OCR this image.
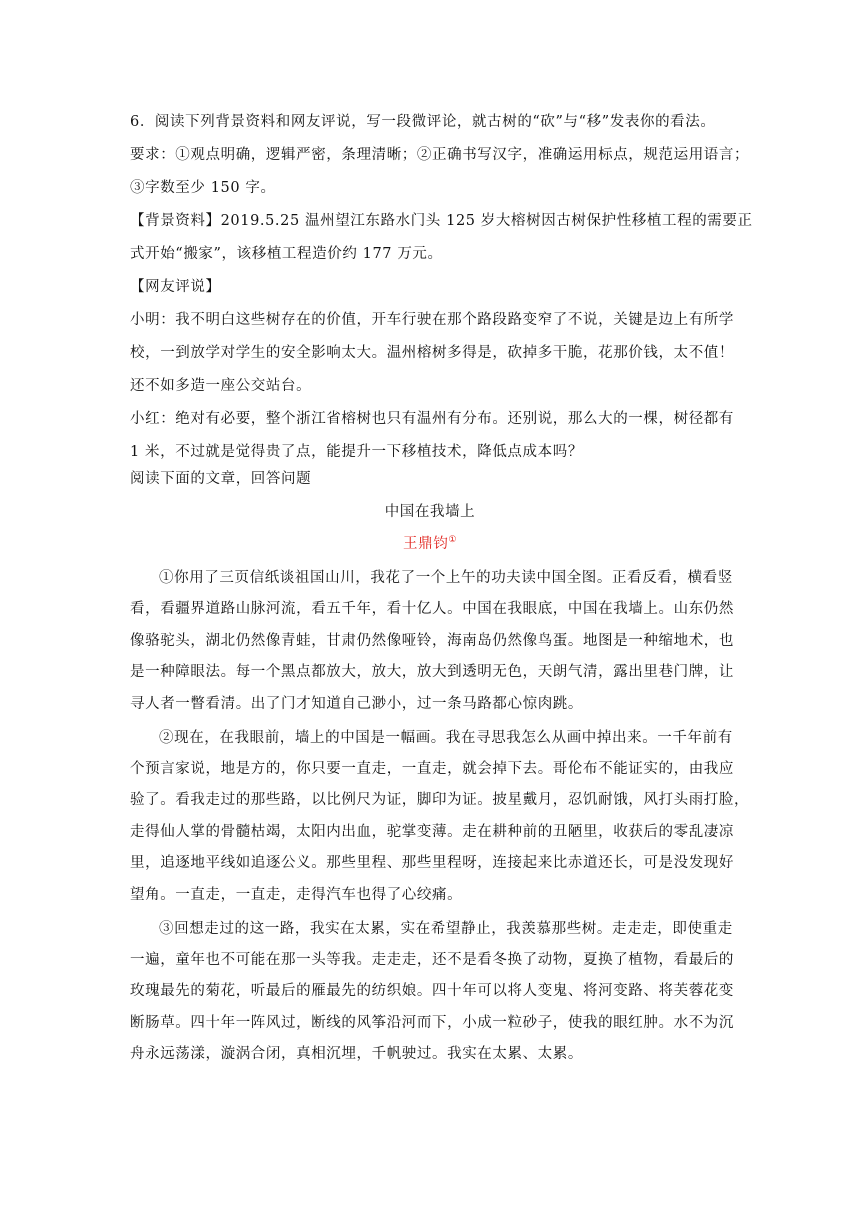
6．阅读下列背景资料和网友评说，写一段微评论，就古树的“砍”与“移”发表你的看法。
要求：①观点明确，逻辑严密，条理清晰；②正确书写汉字，准确运用标点，规范运用语言；
③字数至少 150 字。
【背景资料】2019.5.25 温州望江东路水门头 125 岁大榕树因古树保护性移植工程的需要正
式开始“搬家”，该移植工程造价约 177 万元。
【网友评说】
小明：我不明白这些树存在的价值，开车行驶在那个路段路变窄了不说，关键是边上有所学
校，一到放学对学生的安全影响太大。温州榕树多得是，砍掉多干脆，花那价钱，太不值！
还不如多造一座公交站台。
小红：绝对有必要，整个浙江省榕树也只有温州有分布。还别说，那么大的一棵，树径都有
1 米，不过就是觉得贵了点，能提升一下移植技术，降低点成本吗？
阅读下面的文章，回答问题
中国在我墙上
王鼎钧①
①你用了三页信纸谈祖国山川，我花了一个上午的功夫读中国全图。正看反看，横看竖
看，看疆界道路山脉河流，看五千年，看十亿人。中国在我眼底，中国在我墙上。山东仍然
像骆驼头，湖北仍然像青蛙，甘肃仍然像哑铃，海南岛仍然像鸟蛋。地图是一种缩地术，也
是一种障眼法。每一个黑点都放大，放大，放大到透明无色，天朗气清，露出里巷门牌，让
寻人者一瞥看清。出了门才知道自己渺小，过一条马路都心惊肉跳。
②现在，在我眼前，墙上的中国是一幅画。我在寻思我怎么从画中掉出来。一千年前有
个预言家说，地是方的，你只要一直走，一直走，就会掉下去。哥伦布不能证实的，由我应
验了。看我走过的那些路，以比例尺为证，脚印为证。披星戴月，忍饥耐饿，风打头雨打脸，
走得仙人掌的骨髓枯竭，太阳内出血，驼掌变薄。走在耕种前的丑陋里，收获后的零乱凄凉
里，追逐地平线如追逐公义。那些里程、那些里程呀，连接起来比赤道还长，可是没发现好
望角。一直走，一直走，走得汽车也得了心绞痛。
③回想走过的这一路，我实在太累，实在希望静止，我羡慕那些树。走走走，即使重走
一遍，童年也不可能在那一头等我。走走走，还不是看冬换了动物，夏换了植物，看最后的
玫瑰最先的菊花，听最后的雁最先的纺织娘。四十年可以将人变鬼、将河变路、将芙蓉花变
断肠草。四十年一阵风过，断线的风筝沿河而下，小成一粒砂子，使我的眼红肿。水不为沉
舟永远荡漾，漩涡合闭，真相沉埋，千帆驶过。我实在太累、太累。
